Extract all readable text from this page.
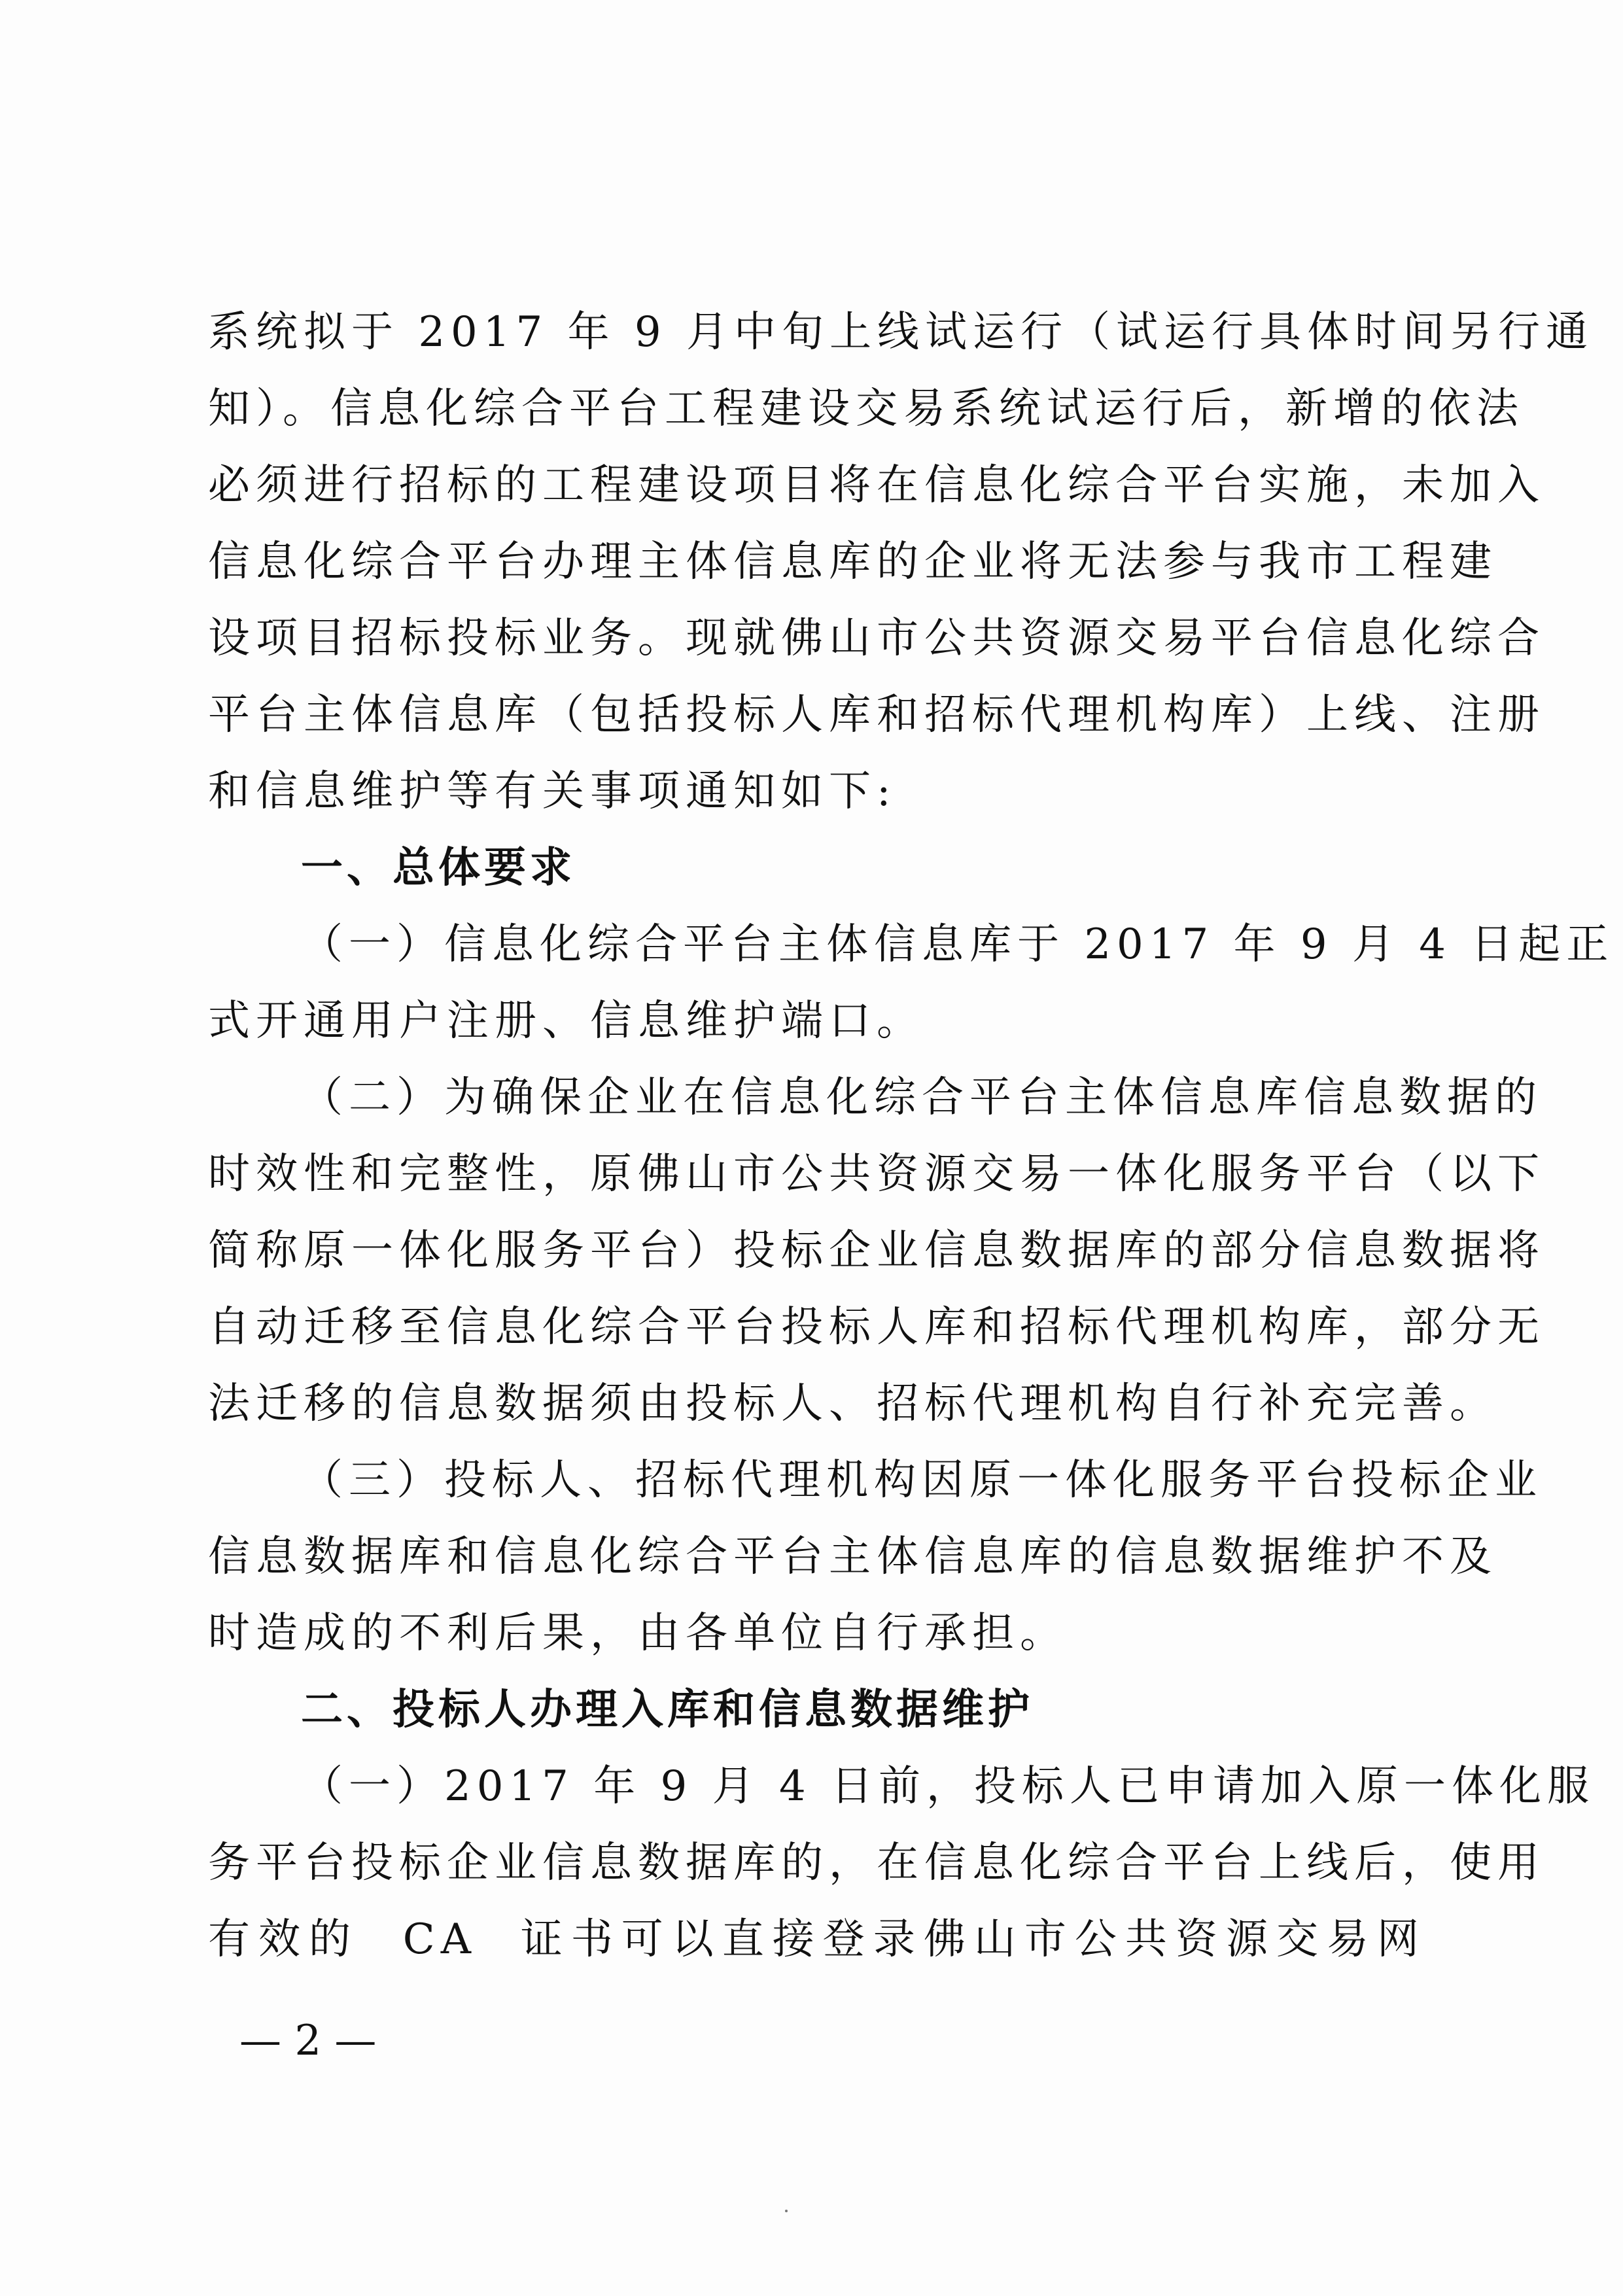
系统拟于 2017 年 9 月中旬上线试运行（试运行具体时间另行通
知）。信息化综合平台工程建设交易系统试运行后，新增的依法
必须进行招标的工程建设项目将在信息化综合平台实施，未加入
信息化综合平台办理主体信息库的企业将无法参与我市工程建
设项目招标投标业务。现就佛山市公共资源交易平台信息化综合
平台主体信息库（包括投标人库和招标代理机构库）上线、注册
和信息维护等有关事项通知如下:
一、总体要求
（一）信息化综合平台主体信息库于 2017 年 9 月 4 日起正
式开通用户注册、信息维护端口。
（二）为确保企业在信息化综合平台主体信息库信息数据的
时效性和完整性，原佛山市公共资源交易一体化服务平台（以下
简称原一体化服务平台）投标企业信息数据库的部分信息数据将
自动迁移至信息化综合平台投标人库和招标代理机构库，部分无
法迁移的信息数据须由投标人、招标代理机构自行补充完善。
（三）投标人、招标代理机构因原一体化服务平台投标企业
信息数据库和信息化综合平台主体信息库的信息数据维护不及
时造成的不利后果，由各单位自行承担。
二、投标人办理入库和信息数据维护
（一）2017 年 9 月 4 日前，投标人已申请加入原一体化服
务平台投标企业信息数据库的，在信息化综合平台上线后，使用
有效的  CA  证书可以直接登录佛山市公共资源交易网
— 2 —
